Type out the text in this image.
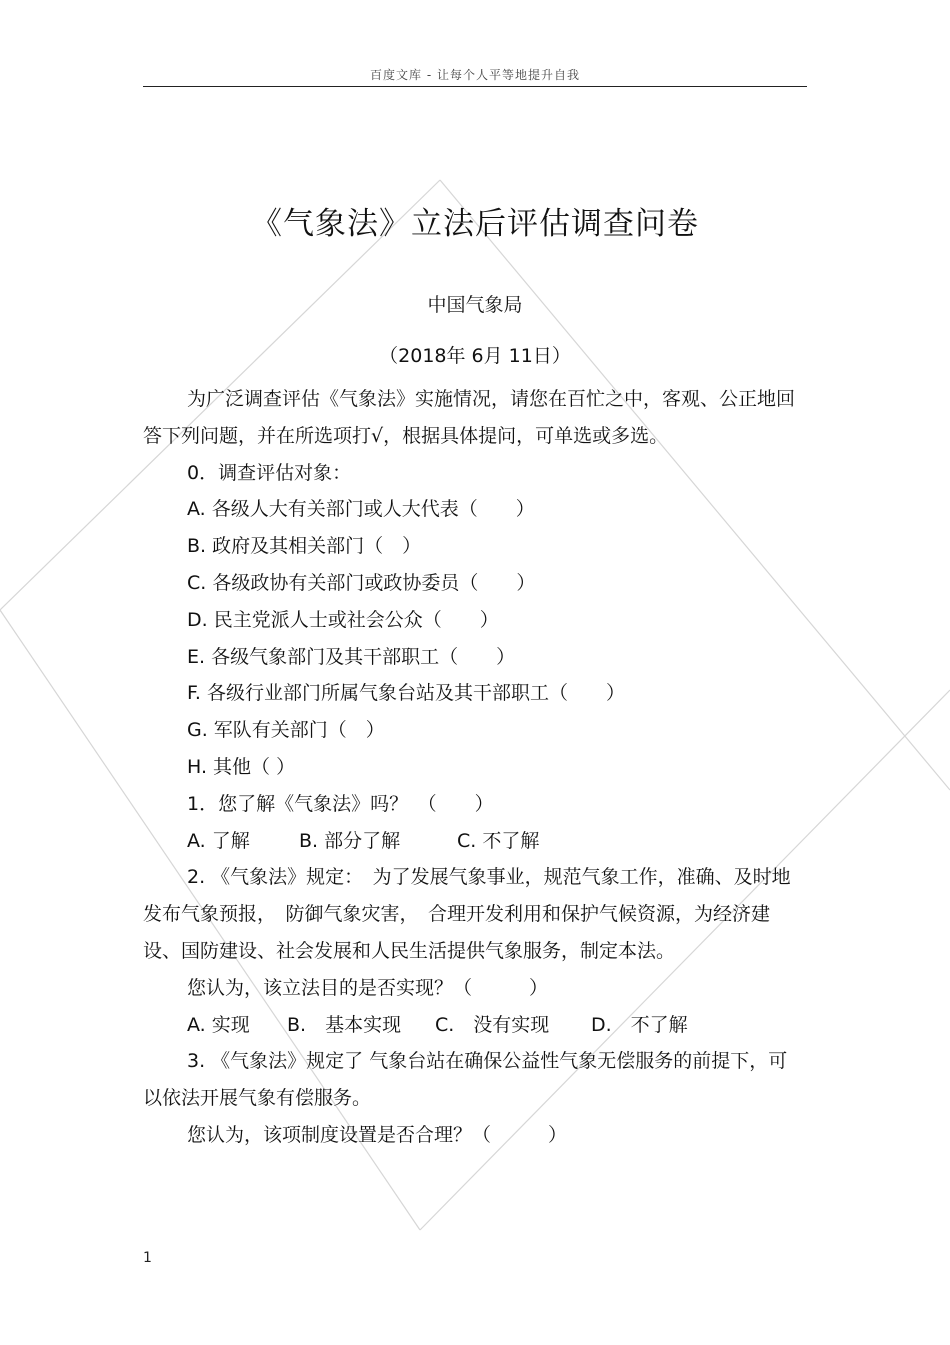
百度文库 - 让每个人平等地提升自我
《气象法》立法后评估调查问卷
中国气象局
（2018年 6月 11日）

为广泛调查评估《气象法》实施情况，请您在百忙之中，客观、公正地回答下列问题，并在所选项打√，根据具体提问，可单选或多选。

0．调查评估对象：

A. 各级人大有关部门或人大代表（　　）

B. 政府及其相关部门（　）

C. 各级政协有关部门或政协委员（　　）

D. 民主党派人士或社会公众（　　）

E. 各级气象部门及其干部职工（　　）

F. 各级行业部门所属气象台站及其干部职工（　　）

G. 军队有关部门（　）

H. 其他（ ）

1．您了解《气象法》吗？　（　　）

A. 了解	B. 部分了解	C. 不了解

2. 《气象法》规定：　为了发展气象事业，规范气象工作，准确、及时地发布气象预报，　防御气象灾害，　合理开发利用和保护气候资源，为经济建设、国防建设、社会发展和人民生活提供气象服务，制定本法。

您认为，该立法目的是否实现？（　　　）

A. 实现 B.　基本实现 C.　没有实现 D.　不了解

3. 《气象法》规定了 气象台站在确保公益性气象无偿服务的前提下，可以依法开展气象有偿服务。

您认为，该项制度设置是否合理？（　　　）

1
